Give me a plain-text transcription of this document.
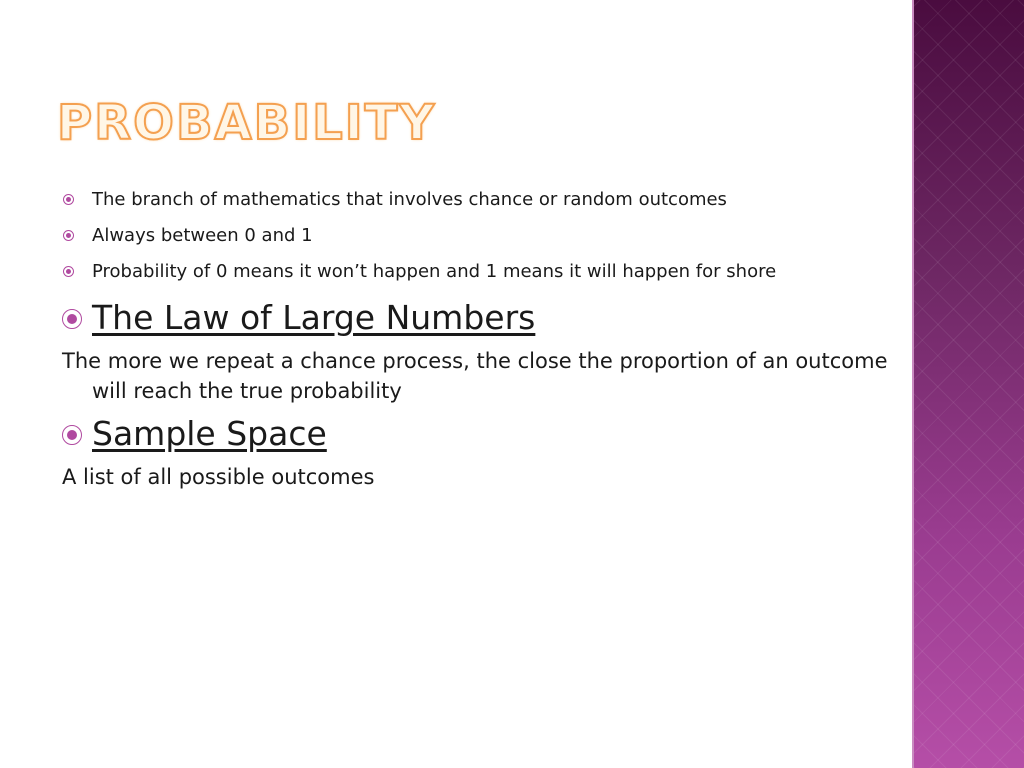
PROBABILITY
The branch of mathematics that involves chance or random outcomes
Always between 0 and 1
Probability of 0 means it won’t happen and 1 means it will happen for shore
The Law of Large Numbers
The more we repeat a chance process, the close the proportion of an outcome will reach the true probability
Sample Space
A list of all possible outcomes
